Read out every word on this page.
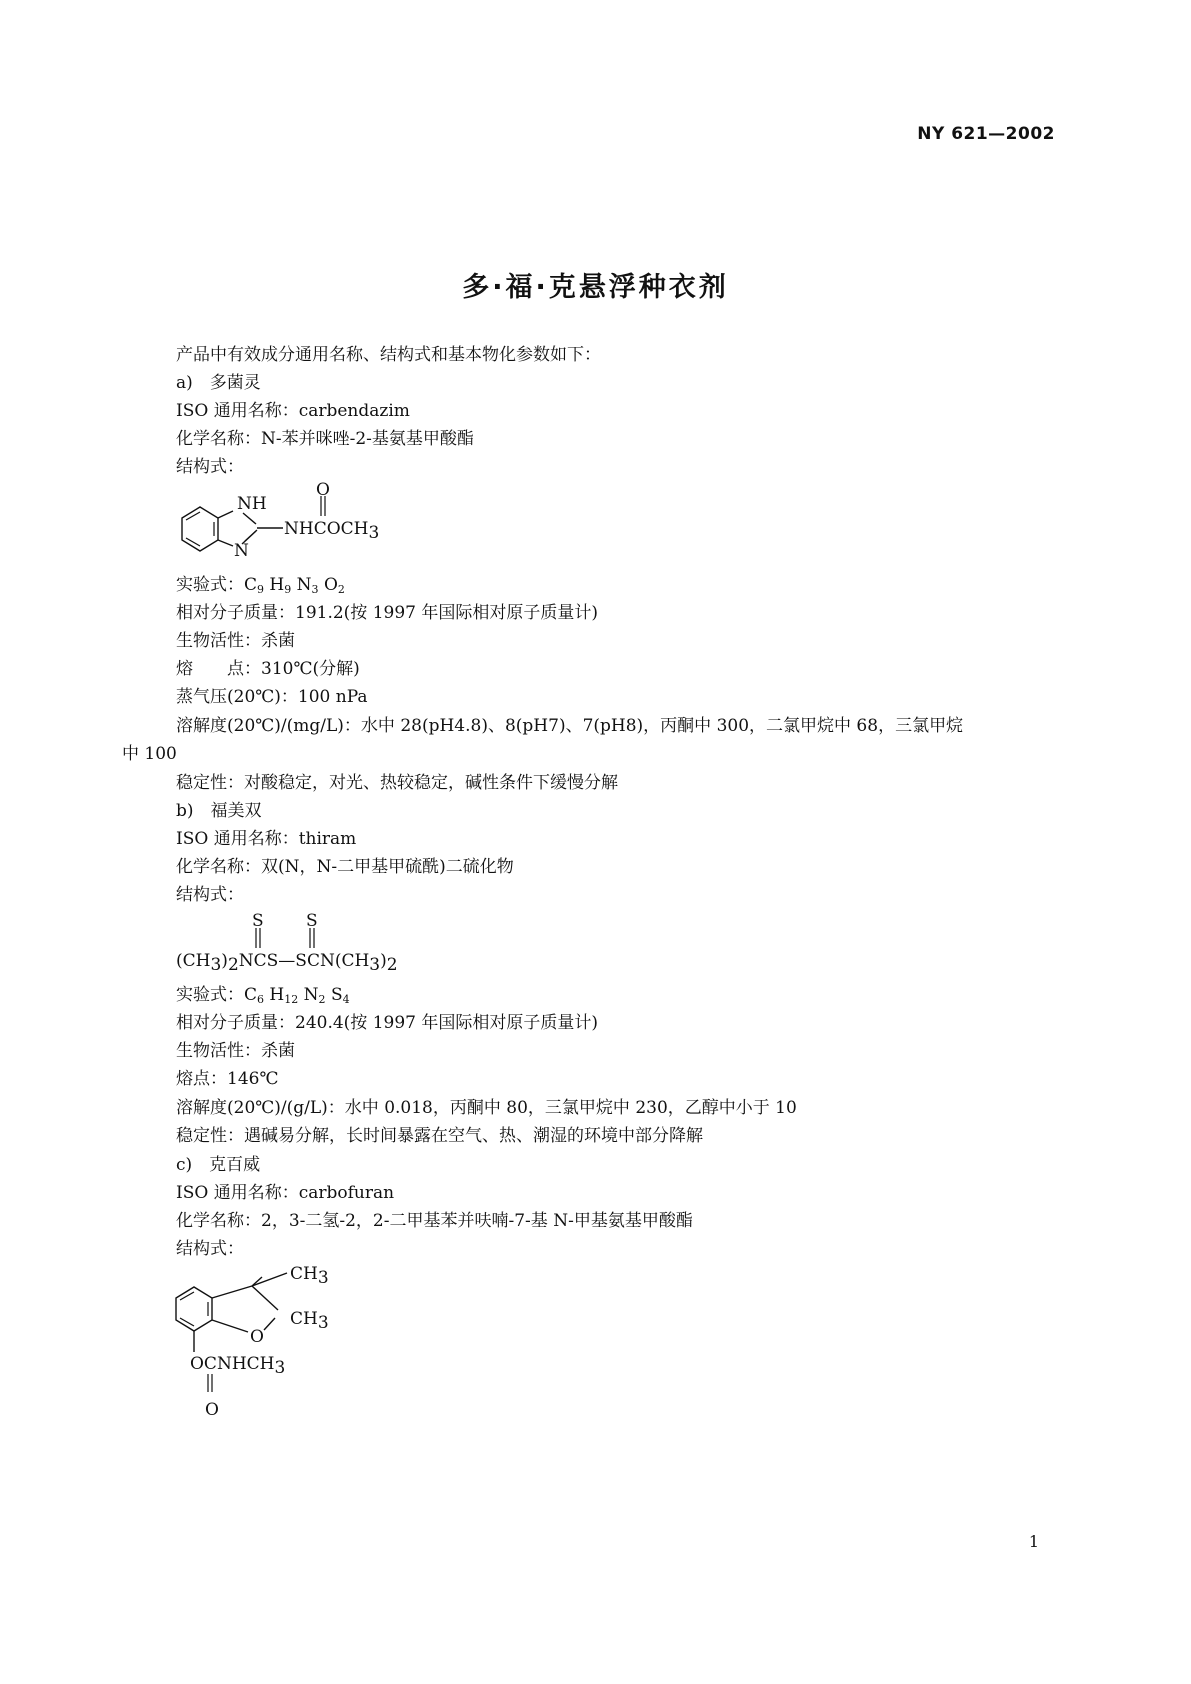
NY 621—2002
多·福·克悬浮种衣剂
产品中有效成分通用名称、结构式和基本物化参数如下：
a)　多菌灵
ISO 通用名称：carbendazim
化学名称：N-苯并咪唑-2-基氨基甲酸酯
结构式：
NH
N
O
NHCOCH3
实验式：$C_9$ $H_9$ $N_3$ $O_2$
相对分子质量：191.2(按 1997 年国际相对原子质量计)
生物活性：杀菌
熔　　点：310℃(分解)
蒸气压(20℃)：100 nPa
溶解度(20℃)/(mg/L)：水中 28(pH4.8)、8(pH7)、7(pH8)，丙酮中 300，二氯甲烷中 68，三氯甲烷
中 100
稳定性：对酸稳定，对光、热较稳定，碱性条件下缓慢分解
b)　福美双
ISO 通用名称：thiram
化学名称：双(N，N-二甲基甲硫酰)二硫化物
结构式：
S S
(CH3)2NCS—SCN(CH3)2
实验式：$C_6$ $H_{12}$ $N_2$ $S_4$
相对分子质量：240.4(按 1997 年国际相对原子质量计)
生物活性：杀菌
熔点：146℃
溶解度(20℃)/(g/L)：水中 0.018，丙酮中 80，三氯甲烷中 230，乙醇中小于 10
稳定性：遇碱易分解，长时间暴露在空气、热、潮湿的环境中部分降解
c)　克百威
ISO 通用名称：carbofuran
化学名称：2，3-二氢-2，2-二甲基苯并呋喃-7-基 N-甲基氨基甲酸酯
结构式：
CH3
CH3
O
OCNHCH3
O
1
